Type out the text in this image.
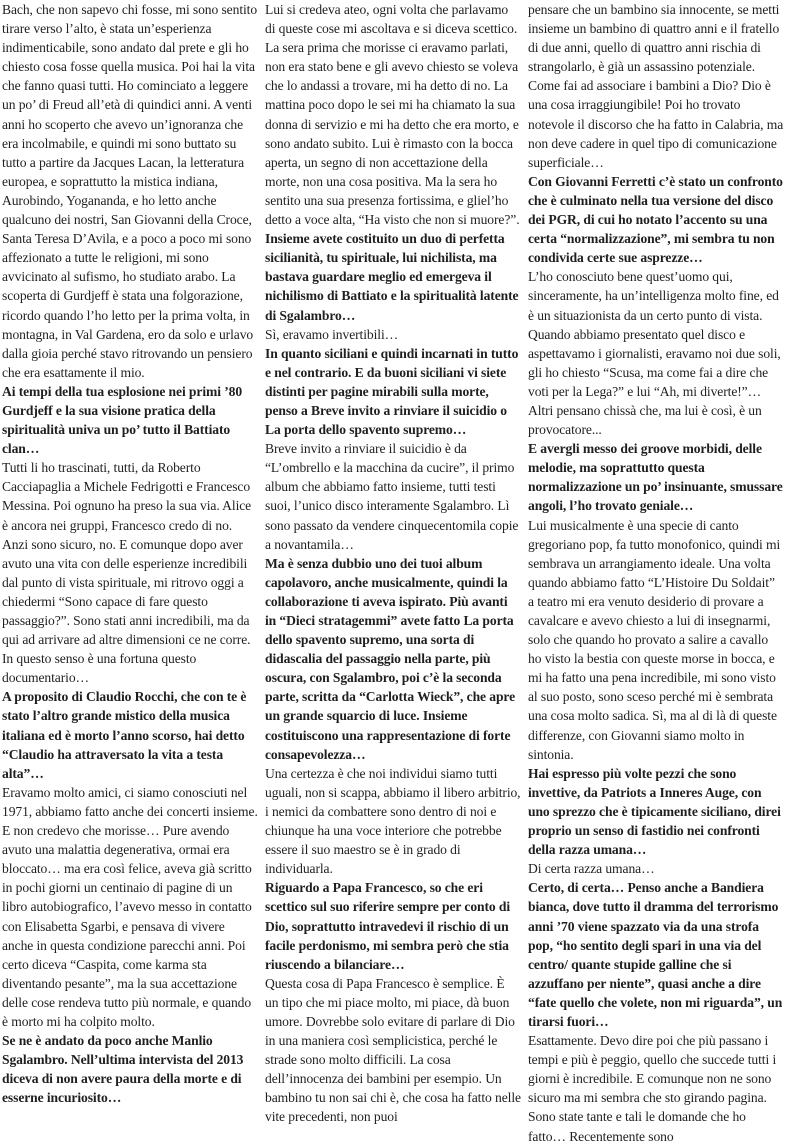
Bach, che non sapevo chi fosse, mi sono sentito tirare verso l’alto, è stata un’esperienza indimenticabile, sono andato dal prete e gli ho chiesto cosa fosse quella musica. Poi hai la vita che fanno quasi tutti. Ho cominciato a leggere un po’ di Freud all’età di quindici anni. A venti anni ho scoperto che avevo un’ignoranza che era incolmabile, e quindi mi sono buttato su tutto a partire da Jacques Lacan, la letteratura europea, e soprattutto la mistica indiana, Aurobindo, Yogananda, e ho letto anche qualcuno dei nostri, San Giovanni della Croce, Santa Teresa D’Avila, e a poco a poco mi sono affezionato a tutte le religioni, mi sono avvicinato al sufismo, ho studiato arabo. La scoperta di Gurdjeff è stata una folgorazione, ricordo quando l’ho letto per la prima volta, in montagna, in Val Gardena, ero da solo e urlavo dalla gioia perché stavo ritrovando un pensiero che era esattamente il mio.

Ai tempi della tua esplosione nei primi ’80 Gurdjeff e la sua visione pratica della spiritualità univa un po’ tutto il Battiato clan…

Tutti li ho trascinati, tutti, da Roberto Cacciapaglia a Michele Fedrigotti e Francesco Messina. Poi ognuno ha preso la sua via. Alice è ancora nei gruppi, Francesco credo di no. Anzi sono sicuro, no. E comunque dopo aver avuto una vita con delle esperienze incredibili dal punto di vista spirituale, mi ritrovo oggi a chiedermi “Sono capace di fare questo passaggio?”. Sono stati anni incredibili, ma da qui ad arrivare ad altre dimensioni ce ne corre. In questo senso è una fortuna questo documentario…

A proposito di Claudio Rocchi, che con te è stato l’altro grande mistico della musica italiana ed è morto l’anno scorso, hai detto “Claudio ha attraversato la vita a testa alta”…

Eravamo molto amici, ci siamo conosciuti nel 1971, abbiamo fatto anche dei concerti insieme. E non credevo che morisse… Pure avendo avuto una malattia degenerativa, ormai era bloccato… ma era così felice, aveva già scritto in pochi giorni un centinaio di pagine di un libro autobiografico, l’avevo messo in contatto con Elisabetta Sgarbi, e pensava di vivere anche in questa condizione parecchi anni. Poi certo diceva “Caspita, come karma sta diventando pesante”, ma la sua accettazione delle cose rendeva tutto più normale, e quando è morto mi ha colpito molto.

Se ne è andato da poco anche Manlio Sgalambro. Nell’ultima intervista del 2013 diceva di non avere paura della morte e di esserne incuriosito…

Lui si credeva ateo, ogni volta che parlavamo di queste cose mi ascoltava e si diceva scettico. La sera prima che morisse ci eravamo parlati, non era stato bene e gli avevo chiesto se voleva che lo andassi a trovare, mi ha detto di no. La mattina poco dopo le sei mi ha chiamato la sua donna di servizio e mi ha detto che era morto, e sono andato subito. Lui è rimasto con la bocca aperta, un segno di non accettazione della morte, non una cosa positiva. Ma la sera ho sentito una sua presenza fortissima, e gliel’ho detto a voce alta, “Ha visto che non si muore?”.

Insieme avete costituito un duo di perfetta sicilianità, tu spirituale, lui nichilista, ma bastava guardare meglio ed emergeva il nichilismo di Battiato e la spiritualità latente di Sgalambro…

Sì, eravamo invertibili…

In quanto siciliani e quindi incarnati in tutto e nel contrario. E da buoni siciliani vi siete distinti per pagine mirabili sulla morte, penso a Breve invito a rinviare il suicidio o La porta dello spavento supremo…

Breve invito a rinviare il suicidio è da “L’ombrello e la macchina da cucire”, il primo album che abbiamo fatto insieme, tutti testi suoi, l’unico disco interamente Sgalambro. Lì sono passato da vendere cinquecentomila copie a novantamila…

Ma è senza dubbio uno dei tuoi album capolavoro, anche musicalmente, quindi la collaborazione ti aveva ispirato. Più avanti in “Dieci stratagemmi” avete fatto La porta dello spavento supremo, una sorta di didascalia del passaggio nella parte, più oscura, con Sgalambro, poi c’è la seconda parte, scritta da “Carlotta Wieck”, che apre un grande squarcio di luce. Insieme costituiscono una rappresentazione di forte consapevolezza…

Una certezza è che noi individui siamo tutti uguali, non si scappa, abbiamo il libero arbitrio, i nemici da combattere sono dentro di noi e chiunque ha una voce interiore che potrebbe essere il suo maestro se è in grado di individuarla.

Riguardo a Papa Francesco, so che eri scettico sul suo riferire sempre per conto di Dio, soprattutto intravedevi il rischio di un facile perdonismo, mi sembra però che stia riuscendo a bilanciare…

Questa cosa di Papa Francesco è semplice. È un tipo che mi piace molto, mi piace, dà buon umore. Dovrebbe solo evitare di parlare di Dio in una maniera così semplicistica, perché le strade sono molto difficili. La cosa dell’innocenza dei bambini per esempio. Un bambino tu non sai chi è, che cosa ha fatto nelle vite precedenti, non puoi

pensare che un bambino sia innocente, se metti insieme un bambino di quattro anni e il fratello di due anni, quello di quattro anni rischia di strangolarlo, è già un assassino potenziale. Come fai ad associare i bambini a Dio? Dio è una cosa irraggiungibile! Poi ho trovato notevole il discorso che ha fatto in Calabria, ma non deve cadere in quel tipo di comunicazione superficiale…

Con Giovanni Ferretti c’è stato un confronto che è culminato nella tua versione del disco dei PGR, di cui ho notato l’accento su una certa “normalizzazione”, mi sembra tu non condivida certe sue asprezze…

L’ho conosciuto bene quest’uomo qui, sinceramente, ha un’intelligenza molto fine, ed è un situazionista da un certo punto di vista. Quando abbiamo presentato quel disco e aspettavamo i giornalisti, eravamo noi due soli, gli ho chiesto “Scusa, ma come fai a dire che voti per la Lega?” e lui “Ah, mi diverte!”… Altri pensano chissà che, ma lui è così, è un provocatore...

E avergli messo dei groove morbidi, delle melodie, ma soprattutto questa normalizzazione un po’ insinuante, smussare angoli, l’ho trovato geniale…

Lui musicalmente è una specie di canto gregoriano pop, fa tutto monofonico, quindi mi sembrava un arrangiamento ideale. Una volta quando abbiamo fatto “L’Histoire Du Soldait” a teatro mi era venuto desiderio di provare a cavalcare e avevo chiesto a lui di insegnarmi, solo che quando ho provato a salire a cavallo ho visto la bestia con queste morse in bocca, e mi ha fatto una pena incredibile, mi sono visto al suo posto, sono sceso perché mi è sembrata una cosa molto sadica. Sì, ma al di là di queste differenze, con Giovanni siamo molto in sintonia.

Hai espresso più volte pezzi che sono invettive, da Patriots a Inneres Auge, con uno sprezzo che è tipicamente siciliano, direi proprio un senso di fastidio nei confronti della razza umana…

Di certa razza umana…

Certo, di certa… Penso anche a Bandiera bianca, dove tutto il dramma del terrorismo anni ’70 viene spazzato via da una strofa pop, “ho sentito degli spari in una via del centro/ quante stupide galline che si azzuffano per niente”, quasi anche a dire “fate quello che volete, non mi riguarda”, un tirarsi fuori…

Esattamente. Devo dire poi che più passano i tempi e più è peggio, quello che succede tutti i giorni è incredibile. E comunque non ne sono sicuro ma mi sembra che sto girando pagina. Sono state tante e tali le domande che ho fatto… Recentemente sono
